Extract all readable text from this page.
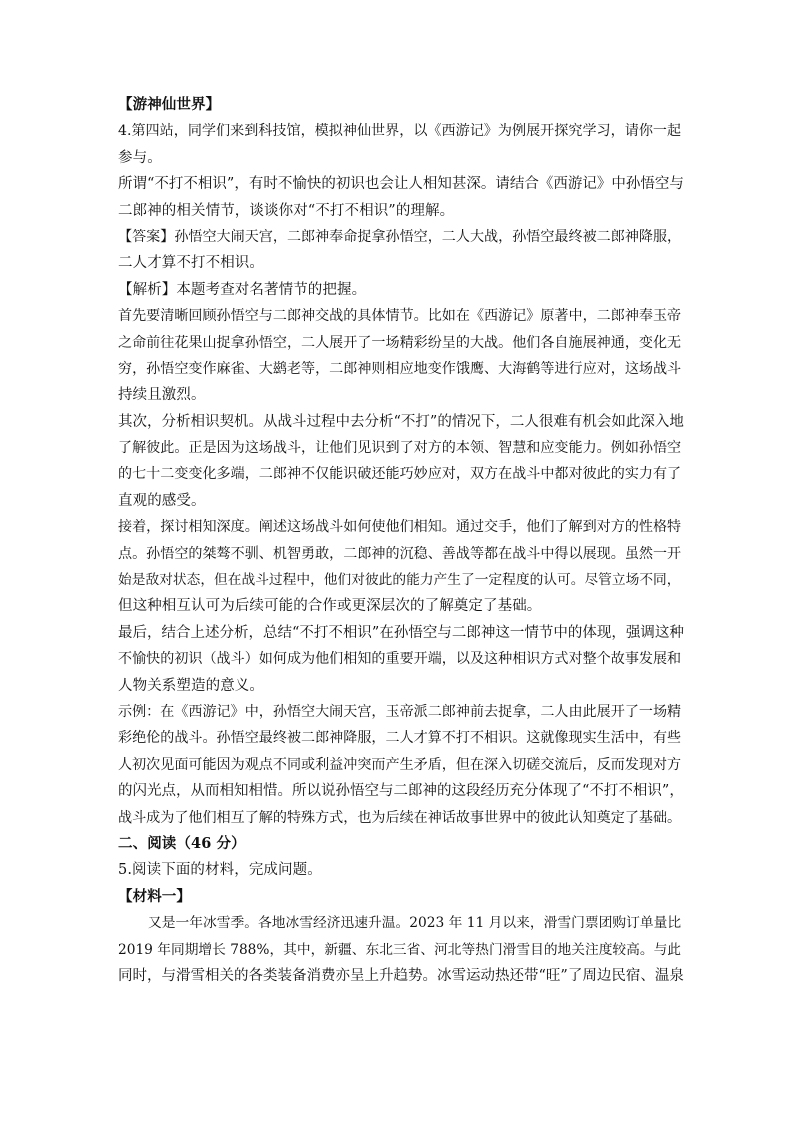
【游神仙世界】
4.第四站，同学们来到科技馆，模拟神仙世界，以《西游记》为例展开探究学习，请你一起
参与。
所谓“不打不相识”，有时不愉快的初识也会让人相知甚深。请结合《西游记》中孙悟空与
二郎神的相关情节，谈谈你对“不打不相识”的理解。
【答案】孙悟空大闹天宫，二郎神奉命捉拿孙悟空，二人大战，孙悟空最终被二郎神降服，
二人才算不打不相识。
【解析】本题考查对名著情节的把握。
首先要清晰回顾孙悟空与二郎神交战的具体情节。比如在《西游记》原著中，二郎神奉玉帝
之命前往花果山捉拿孙悟空，二人展开了一场精彩纷呈的大战。他们各自施展神通，变化无
穷，孙悟空变作麻雀、大鹚老等，二郎神则相应地变作饿鹰、大海鹤等进行应对，这场战斗
持续且激烈。
其次，分析相识契机。从战斗过程中去分析“不打”的情况下，二人很难有机会如此深入地
了解彼此。正是因为这场战斗，让他们见识到了对方的本领、智慧和应变能力。例如孙悟空
的七十二变变化多端，二郎神不仅能识破还能巧妙应对，双方在战斗中都对彼此的实力有了
直观的感受。
接着，探讨相知深度。阐述这场战斗如何使他们相知。通过交手，他们了解到对方的性格特
点。孙悟空的桀骜不驯、机智勇敢，二郎神的沉稳、善战等都在战斗中得以展现。虽然一开
始是敌对状态，但在战斗过程中，他们对彼此的能力产生了一定程度的认可。尽管立场不同，
但这种相互认可为后续可能的合作或更深层次的了解奠定了基础。
最后，结合上述分析，总结“不打不相识”在孙悟空与二郎神这一情节中的体现，强调这种
不愉快的初识（战斗）如何成为他们相知的重要开端，以及这种相识方式对整个故事发展和
人物关系塑造的意义。
示例：在《西游记》中，孙悟空大闹天宫，玉帝派二郎神前去捉拿，二人由此展开了一场精
彩绝伦的战斗。孙悟空最终被二郎神降服，二人才算不打不相识。这就像现实生活中，有些
人初次见面可能因为观点不同或利益冲突而产生矛盾，但在深入切磋交流后，反而发现对方
的闪光点，从而相知相惜。所以说孙悟空与二郎神的这段经历充分体现了“不打不相识”，
战斗成为了他们相互了解的特殊方式，也为后续在神话故事世界中的彼此认知奠定了基础。
二、阅读（46 分）
5.阅读下面的材料，完成问题。
【材料一】
又是一年冰雪季。各地冰雪经济迅速升温。2023 年 11 月以来，滑雪门票团购订单量比
2019 年同期增长 788%，其中，新疆、东北三省、河北等热门滑雪目的地关注度较高。与此
同时，与滑雪相关的各类装备消费亦呈上升趋势。冰雪运动热还带“旺”了周边民宿、温泉
